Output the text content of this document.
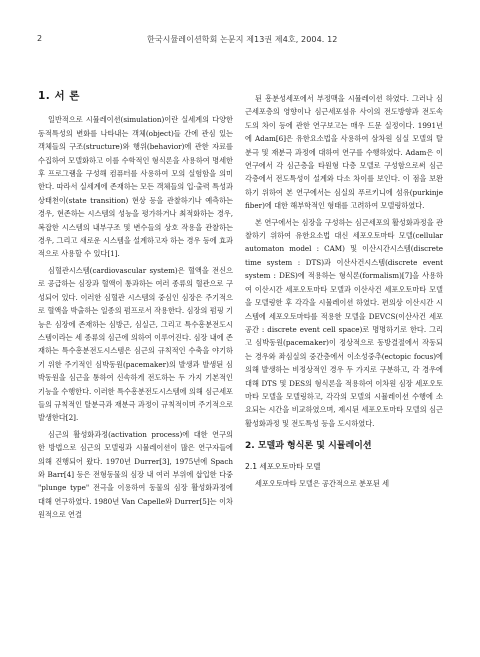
2	한국시뮬레이션학회 논문지 제13권 제4호, 2004. 12
1. 서 론

일반적으로 시뮬레이션(simulation)이란 실세계의 다양한 동적특성의 변화를 나타내는 객체(object)들 간에 관심 있는 객체들의 구조(structure)와 행위(behavior)에 관한 자료를 수집하여 모델화하고 이를 수학적인 형식론을 사용하여 명세한 후 프로그램을 구성해 컴퓨터를 사용하여 모의 실험함을 의미한다. 따라서 실세계에 존재하는 모든 객체들의 입·출력 특성과 상태천이(state transition) 현상 등을 관찰하기나 예측하는 경우, 현존하는 시스템의 성능을 평가하거나 최적화하는 경우, 복잡한 시스템의 내부구조 및 변수들의 상호 작용을 관찰하는 경우, 그리고 새로운 시스템을 설계하고자 하는 경우 등에 효과적으로 사용할 수 있다[1].

심혈관시스템(cardiovascular system)은 혈액을 전신으로 공급하는 심장과 혈액이 통과하는 여러 종류의 혈관으로 구성되어 있다. 이러한 심혈관 시스템의 중심인 심장은 주기적으로 혈액을 박출하는 일종의 펌프로서 작용한다. 심장의 펌핑 기능은 심장에 존재하는 심방근, 심실근, 그리고 특수흥분전도시스템이라는 세 종류의 심근에 의하여 이루어진다. 심장 내에 존재하는 특수흥분전도시스템은 심근의 규칙적인 수축을 야기하기 위한 주기적인 심박동원(pacemaker)의 발생과 발생된 심박동원을 심근을 통하여 신속하게 전도하는 두 가지 기본적인 기능을 수행한다. 이러한 특수흥분전도시스템에 의해 심근세포들의 규칙적인 탈분극과 재분극 과정이 규칙적이며 주기적으로 발생한다[2].

심근의 활성화과정(activation process)에 대한 연구의 한 방법으로 심근의 모델링과 시뮬레이션이 많은 연구자들에 의해 진행되어 왔다. 1970년 Durrer[3], 1975년에 Spach와 Barr[4] 등은 전형동물의 심장 내 여러 부위에 삽입한 다중 "plunge type" 전극을 이용하여 동물의 심장 활성화과정에 대해 연구하였다. 1980년 Van Capelle와 Durrer[5]는 이차원적으로 연결

된 흥분성세포에서 부정맥을 시뮬레이션 하였다. 그러나 심근세포층의 영향이나 심근세포섬유 사이의 전도방향과 전도속도의 차이 등에 관한 연구보고는 매우 드문 실정이다. 1991년에 Adam[6]은 유한요소법을 사용하여 삼차원 심실 모델의 탈분극 및 재분극 과정에 대하여 연구를 수행하였다. Adam은 이 연구에서 각 심근층을 타원형 다층 모델로 구성함으로써 심근 각층에서 전도특성이 설계와 다소 차이를 보인다. 이 점을 보완하기 위하여 본 연구에서는 심실의 푸르키니에 섬유(purkinje fiber)에 대한 해부학적인 형태를 고려하여 모델링하였다.

본 연구에서는 심장을 구성하는 심근세포의 활성화과정을 관찰하기 위하여 유한요소법 대신 세포오토마타 모델(cellular automaton model : CAM) 및 이산시간시스템(discrete time system : DTS)과 이산사건시스템(discrete event system : DES)에 적용하는 형식론(formalism)[7]을 사용하여 이산시간 세포오토마타 모델과 이산사건 세포오토마타 모델을 모델링한 후 각각을 시뮬레이션 하였다. 편의상 이산시간 시스템에 세포오토마타를 적용한 모델을 DEVCS(이산사건 세포 공간 : discrete event cell space)로 명명하기로 한다. 그리고 심박동원(pacemaker)이 정상적으로 동방결절에서 작동되는 경우와 좌심실의 중간층에서 이소성중추(ectopic focus)에 의해 발생하는 비정상적인 경우 두 가지로 구분하고, 각 경우에 대해 DTS 및 DES의 형식론을 적용하여 이차원 심장 세포오토마타 모델을 모델링하고, 각각의 모델의 시뮬레이션 수행에 소요되는 시간을 비교하였으며, 제시된 세포오토마타 모델의 심근 활성화과정 및 전도특성 등을 도시하였다.

2. 모델과 형식론 및 시뮬레이션
2.1 세포오토마타 모델

세포오토마타 모델은 공간적으로 분포된 세
